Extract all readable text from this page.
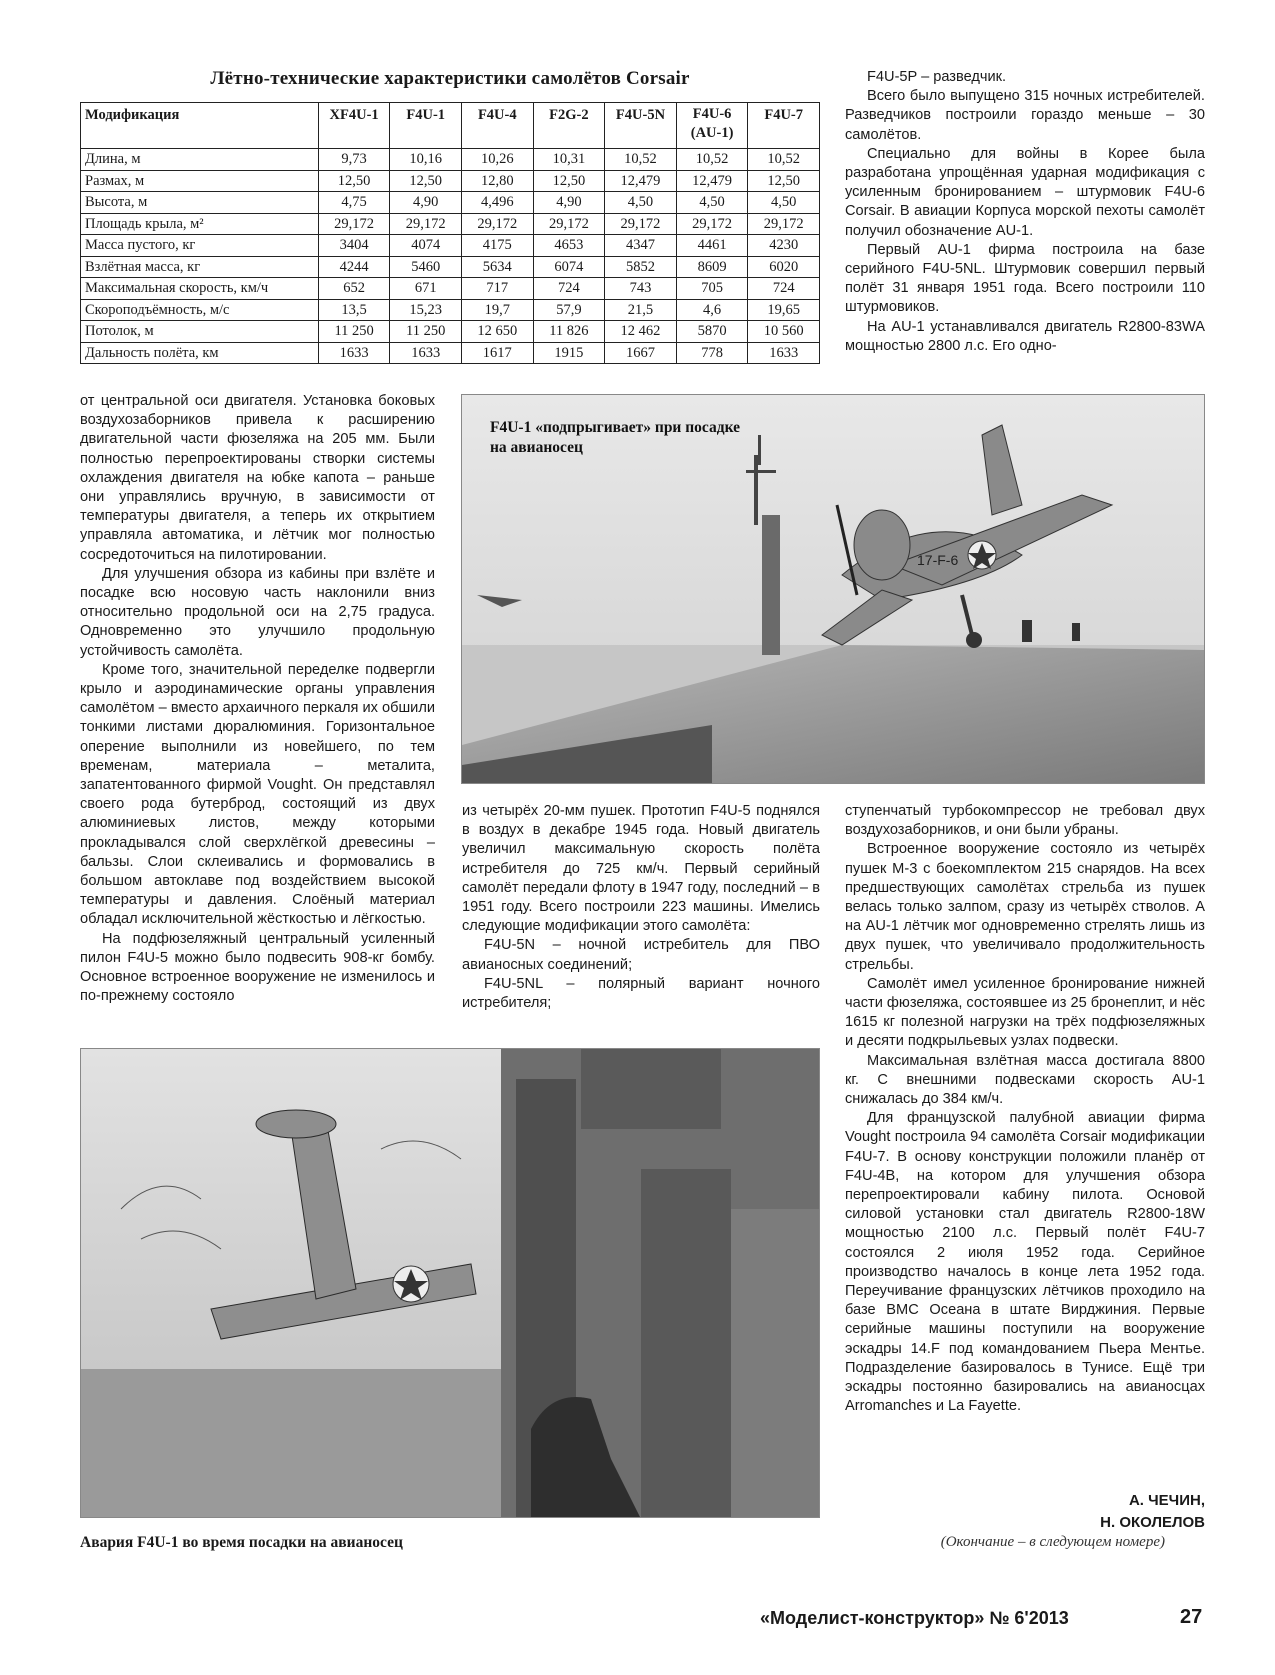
Лётно-технические характеристики самолётов Corsair
Модификация	XF4U-1	F4U-1	F4U-4	F2G-2	F4U-5N	F4U-6 (AU-1)	F4U-7
Длина, м	9,73	10,16	10,26	10,31	10,52	10,52	10,52
Размах, м	12,50	12,50	12,80	12,50	12,479	12,479	12,50
Высота, м	4,75	4,90	4,496	4,90	4,50	4,50	4,50
Площадь крыла, м²	29,172	29,172	29,172	29,172	29,172	29,172	29,172
Масса пустого, кг	3404	4074	4175	4653	4347	4461	4230
Взлётная масса, кг	4244	5460	5634	6074	5852	8609	6020
Максимальная скорость, км/ч	652	671	717	724	743	705	724
Скороподъёмность, м/с	13,5	15,23	19,7	57,9	21,5	4,6	19,65
Потолок, м	11 250	11 250	12 650	11 826	12 462	5870	10 560
Дальность полёта, км	1633	1633	1617	1915	1667	778	1633

F4U-5P – разведчик.

Всего было выпущено 315 ночных истребителей. Разведчиков построили гораздо меньше – 30 самолётов.

Специально для войны в Корее была разработана упрощённая ударная модификация с усиленным бронированием – штурмовик F4U-6 Corsair. В авиации Корпуса морской пехоты самолёт получил обозначение AU-1.

Первый AU-1 фирма построила на базе серийного F4U-5NL. Штурмовик совершил первый полёт 31 января 1951 года. Всего построили 110 штурмовиков.

На AU-1 устанавливался двигатель R2800-83WA мощностью 2800 л.с. Его одно-

от центральной оси двигателя. Установка боковых воздухозаборников привела к расширению двигательной части фюзеляжа на 205 мм. Были полностью перепроектированы створки системы охлаждения двигателя на юбке капота – раньше они управлялись вручную, в зависимости от температуры двигателя, а теперь их открытием управляла автоматика, и лётчик мог полностью сосредоточиться на пилотировании.

Для улучшения обзора из кабины при взлёте и посадке всю носовую часть наклонили вниз относительно продольной оси на 2,75 градуса. Одновременно это улучшило продольную устойчивость самолёта.

Кроме того, значительной переделке подвергли крыло и аэродинамические органы управления самолётом – вместо архаичного перкаля их обшили тонкими листами дюралюминия. Горизонтальное оперение выполнили из новейшего, по тем временам, материала – металита, запатентованного фирмой Vought. Он представлял своего рода бутерброд, состоящий из двух алюминиевых листов, между которыми прокладывался слой сверхлёгкой древесины – бальзы. Слои склеивались и формовались в большом автоклаве под воздействием высокой температуры и давления. Слоёный материал обладал исключительной жёсткостью и лёгкостью.

На подфюзеляжный центральный усиленный пилон F4U-5 можно было подвесить 908-кг бомбу. Основное встроенное вооружение не изменилось и по-прежнему состояло

17-F-6
F4U-1 «подпрыгивает» при посадке
на авианосец

из четырёх 20-мм пушек. Прототип F4U-5 поднялся в воздух в декабре 1945 года. Новый двигатель увеличил максимальную скорость полёта истребителя до 725 км/ч. Первый серийный самолёт передали флоту в 1947 году, последний – в 1951 году. Всего построили 223 машины. Имелись следующие модификации этого самолёта:

F4U-5N – ночной истребитель для ПВО авианосных соединений;

F4U-5NL – полярный вариант ночного истребителя;

ступенчатый турбокомпрессор не требовал двух воздухозаборников, и они были убраны.

Встроенное вооружение состояло из четырёх пушек М-3 с боекомплектом 215 снарядов. На всех предшествующих самолётах стрельба из пушек велась только залпом, сразу из четырёх стволов. А на AU-1 лётчик мог одновременно стрелять лишь из двух пушек, что увеличивало продолжительность стрельбы.

Самолёт имел усиленное бронирование нижней части фюзеляжа, состоявшее из 25 бронеплит, и нёс 1615 кг полезной нагрузки на трёх подфюзеляжных и десяти подкрыльевых узлах подвески.

Максимальная взлётная масса достигала 8800 кг. С внешними подвесками скорость AU-1 снижалась до 384 км/ч.

Для французской палубной авиации фирма Vought построила 94 самолёта Corsair модификации F4U-7. В основу конструкции положили планёр от F4U-4B, на котором для улучшения обзора перепроектировали кабину пилота. Основой силовой установки стал двигатель R2800-18W мощностью 2100 л.с. Первый полёт F4U-7 состоялся 2 июля 1952 года. Серийное производство началось в конце лета 1952 года. Переучивание французских лётчиков проходило на базе ВМС Оceaна в штате Вирджиния. Первые серийные машины поступили на вооружение эскадры 14.F под командованием Пьера Ментье. Подразделение базировалось в Тунисе. Ещё три эскадры постоянно базировались на авианосцах Arromanches и La Fayette.

Авария F4U-1 во время посадки на авианосец
А. ЧЕЧИН,
Н. ОКОЛЕЛОВ
(Окончание – в следующем номере)
«Моделист-конструктор» № 6'2013	27
